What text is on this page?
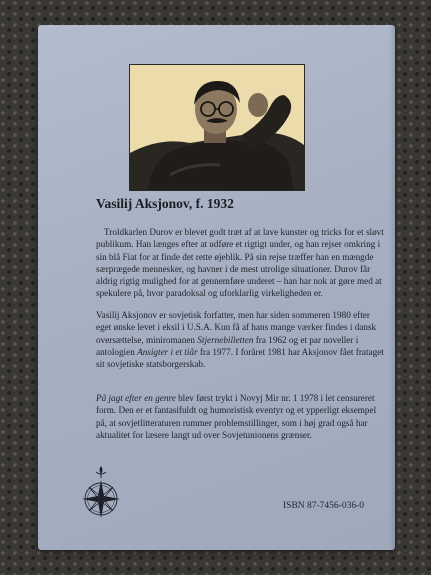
Vasilij Aksjonov, f. 1932

Troldkarlen Durov er blevet godt træt af at lave kunster og tricks for et sløvt publikum. Han længes efter at udføre et rigtigt under, og han rejser omkring i sin blå Fiat for at finde det rette øjeblik. På sin rejse træffer han en mængde særprægede mennesker, og havner i de mest utrolige situationer. Durov får aldrig rigtig mulighed for at gennemføre underet – han har nok at gøre med at spekulere på, hvor paradoksal og uforklarlig virkeligheden er.

Vasilij Aksjonov er sovjetisk forfatter, men har siden sommeren 1980 efter eget ønske levet i eksil i U.S.A. Kun få af hans mange værker findes i dansk oversættelse, miniromanen Stjernebilletten fra 1962 og et par noveller i antologien Ansigter i et tiår fra 1977. I foråret 1981 har Aksjonov fået frataget sit sovjetiske statsborgerskab.

På jagt efter en genre blev først trykt i Novyj Mir nr. 1 1978 i let censureret form. Den er et fantasifuldt og humoristisk eventyr og et ypperligt eksempel på, at sovjetlitteraturen rummer problemstillinger, som i høj grad også har aktualitet for læsere langt ud over Sovjetunionens grænser.

ISBN 87-7456-036-0
